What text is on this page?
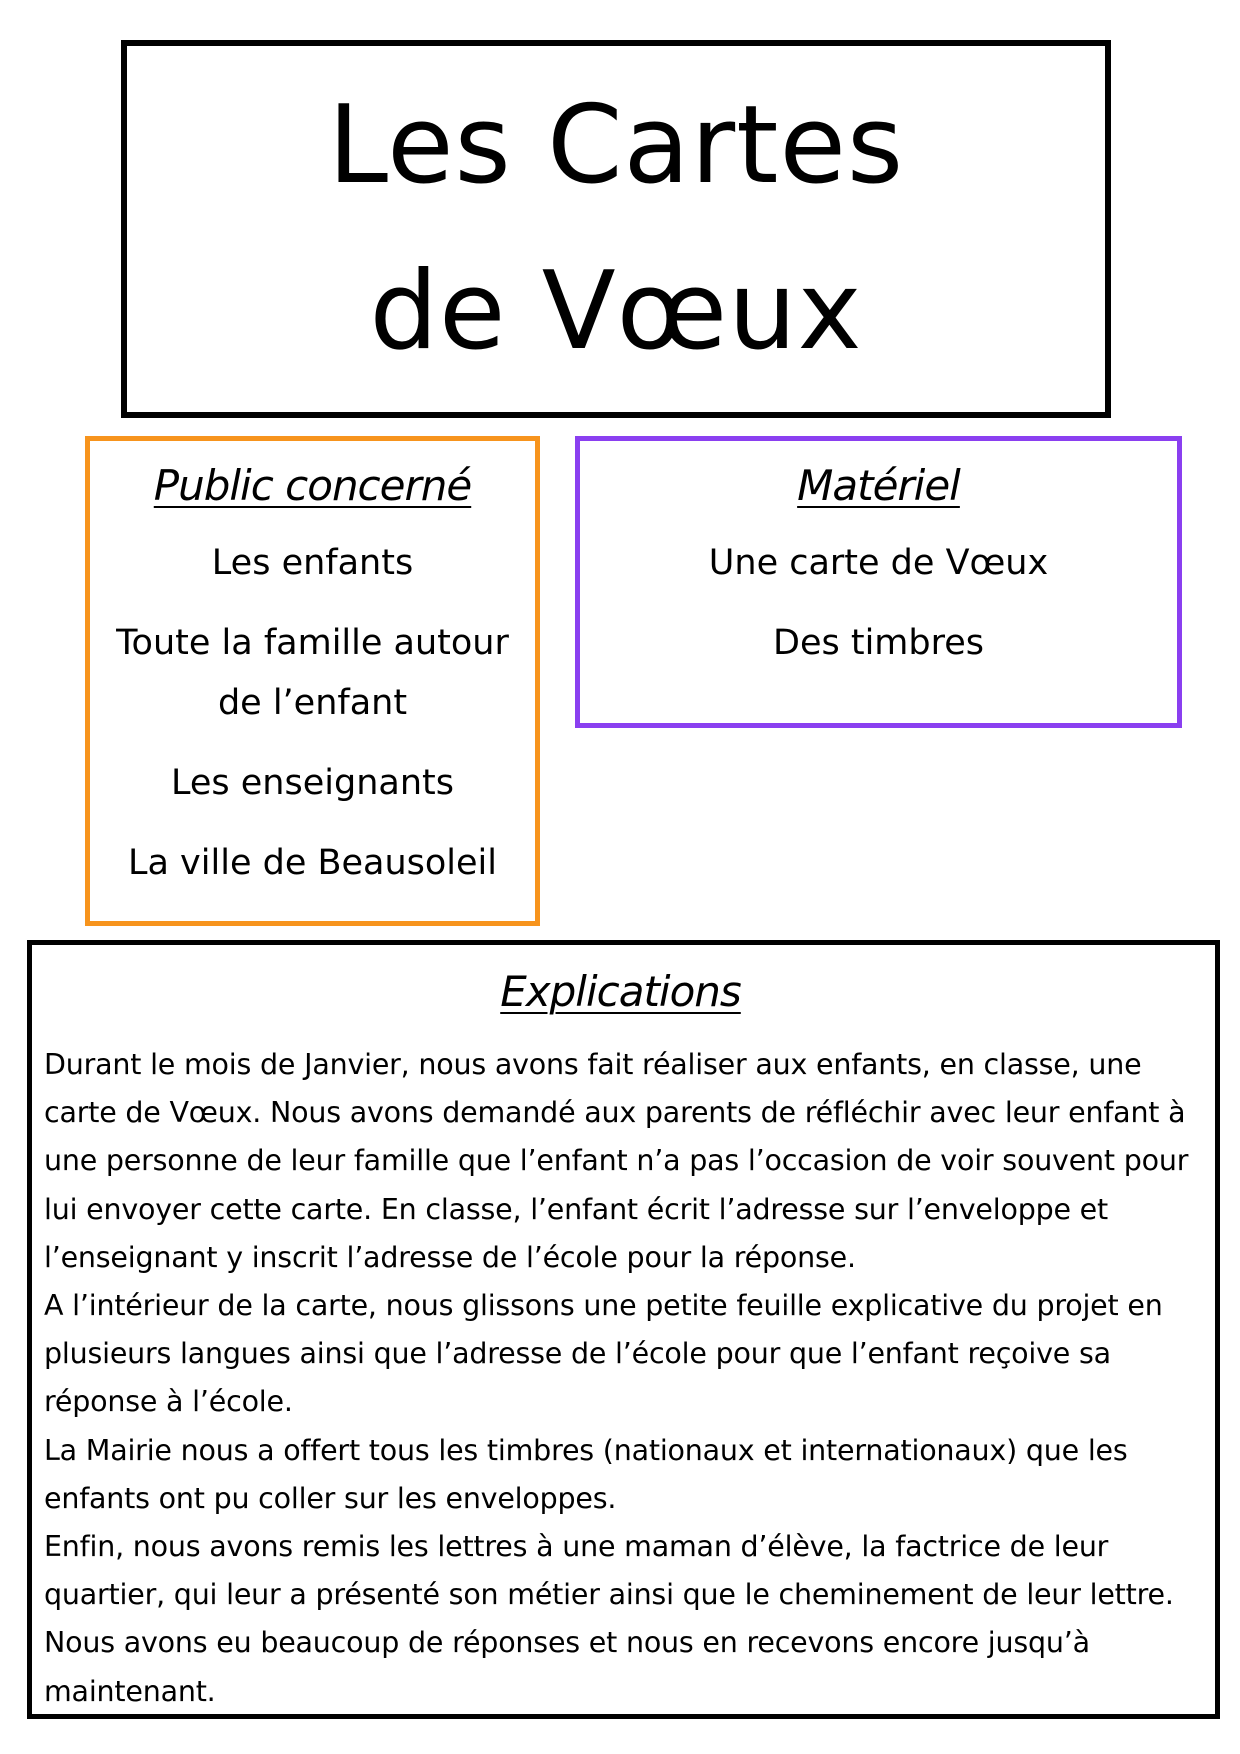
Les Cartes
de Vœux
Public concerné
Les enfants
Toute la famille autour de l’enfant
Les enseignants
La ville de Beausoleil
Matériel
Une carte de Vœux
Des timbres
Explications

Durant le mois de Janvier, nous avons fait réaliser aux enfants, en classe, une carte de Vœux. Nous avons demandé aux parents de réfléchir avec leur enfant à une personne de leur famille que l’enfant n’a pas l’occasion de voir souvent pour lui envoyer cette carte. En classe, l’enfant écrit l’adresse sur l’enveloppe et l’enseignant y inscrit l’adresse de l’école pour la réponse.
A l’intérieur de la carte, nous glissons une petite feuille explicative du projet en plusieurs langues ainsi que l’adresse de l’école pour que l’enfant reçoive sa réponse à l’école.
La Mairie nous a offert tous les timbres (nationaux et internationaux) que les enfants ont pu coller sur les enveloppes.
Enfin, nous avons remis les lettres à une maman d’élève, la factrice de leur quartier, qui leur a présenté son métier ainsi que le cheminement de leur lettre.
Nous avons eu beaucoup de réponses et nous en recevons encore jusqu’à maintenant.
